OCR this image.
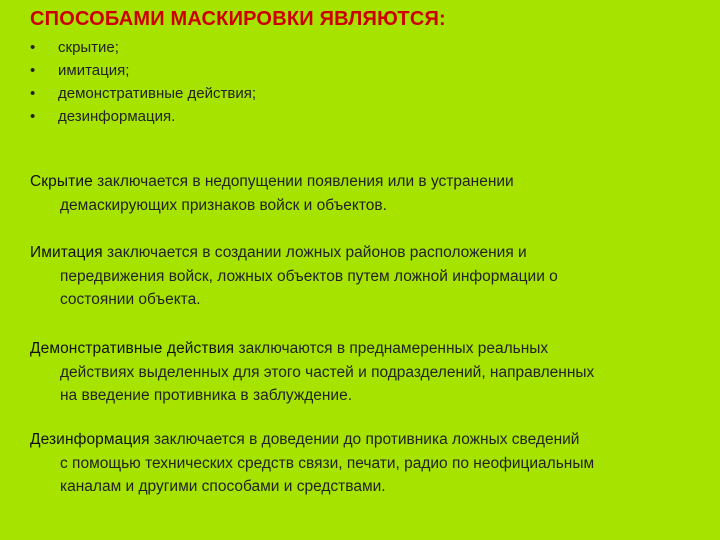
СПОСОБАМИ МАСКИРОВКИ ЯВЛЯЮТСЯ:
• скрытие;
• имитация;
• демонстративные действия;
• дезинформация.
Скрытие заключается в недопущении появления или в устранении
демаскирующих признаков войск и объектов.
Имитация заключается в создании ложных районов расположения и
передвижения войск, ложных объектов путем ложной информации о
состоянии объекта.
Демонстративные действия заключаются в преднамеренных реальных
действиях выделенных для этого частей и подразделений, направленных
на введение противника в заблуждение.
Дезинформация заключается в доведении до противника ложных сведений
с помощью технических средств связи, печати, радио по неофициальным
каналам и другими способами и средствами.
